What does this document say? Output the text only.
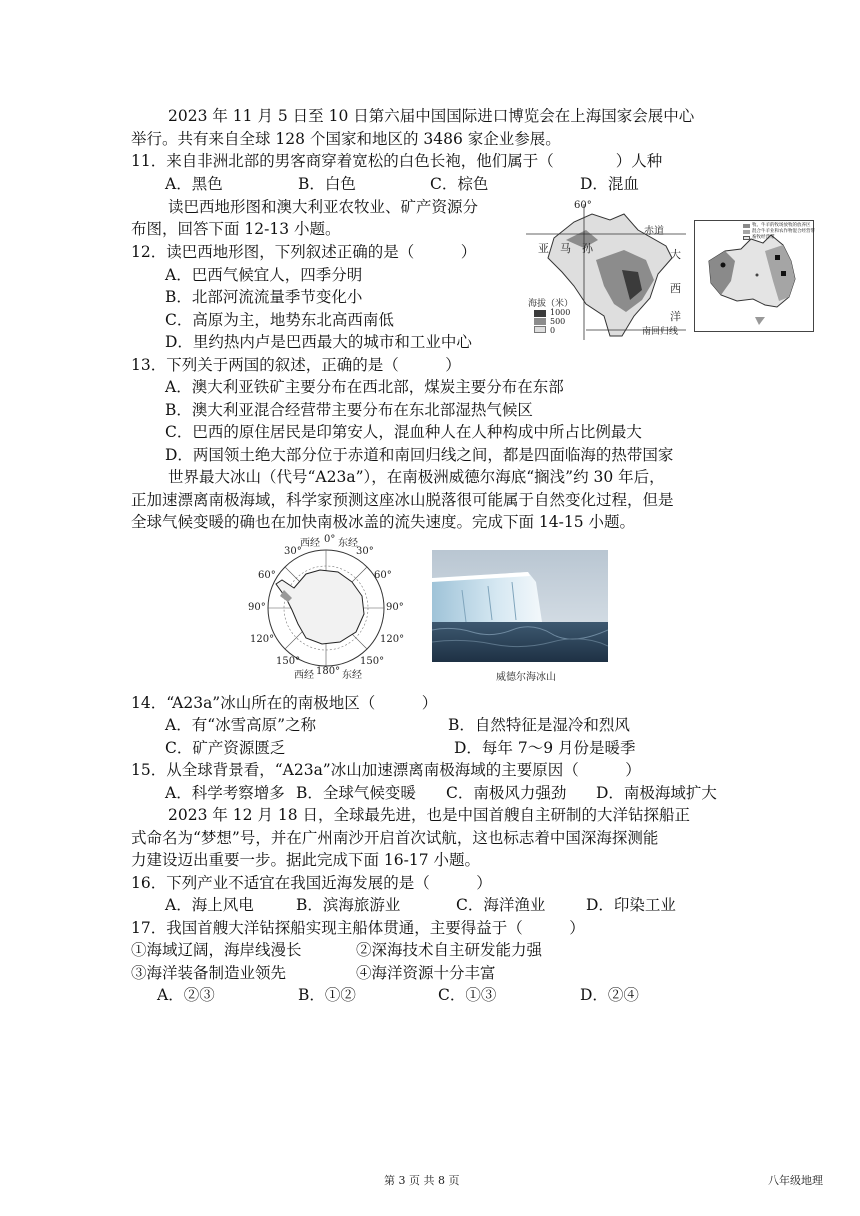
2023 年 11 月 5 日至 10 日第六届中国国际进口博览会在上海国家会展中心
举行。共有来自全球 128 个国家和地区的 3486 家企业参展。
11．来自非洲北部的男客商穿着宽松的白色长袍，他们属于（　　　　）人种
A．黑色	B．白色	C．棕色	D．混血
读巴西地形图和澳大利亚农牧业、矿产资源分
布图，回答下面 12-13 小题。
12．读巴西地形图，下列叙述正确的是（　　　）
A．巴西气候宜人，四季分明
B．北部河流流量季节变化小
C．高原为主，地势东北高西南低
D．里约热内卢是巴西最大的城市和工业中心
60°
赤道
亚　马　孙	大
西
洋
海拔（米）
1000
500
0	南回归线
牧、牛羊的牧场放牧的放养区
混合牛羊业和农作物混合经营带
畜牧经营带
13．下列关于两国的叙述，正确的是（　　　）
A．澳大利亚铁矿主要分布在西北部，煤炭主要分布在东部
B．澳大利亚混合经营带主要分布在东北部湿热气候区
C．巴西的原住居民是印第安人，混血种人在人种构成中所占比例最大
D．两国领土绝大部分位于赤道和南回归线之间，都是四面临海的热带国家
世界最大冰山（代号“A23a”），在南极洲威德尔海底“搁浅”约 30 年后，
正加速漂离南极海域，科学家预测这座冰山脱落很可能属于自然变化过程，但是
全球气候变暖的确也在加快南极冰盖的流失速度。完成下面 14-15 小题。
西经 0° 东经
30°	30°
60°	60°
90°	90°
120°	120°
150°	150°
西经 180° 东经	威德尔海冰山
14．“A23a”冰山所在的南极地区（　　　）
A．有“冰雪高原”之称	B．自然特征是湿冷和烈风
C．矿产资源匮乏	D．每年 7～9 月份是暖季
15．从全球背景看，“A23a”冰山加速漂离南极海域的主要原因（　　　）
A．科学考察增多 B．全球气候变暖 C．南极风力强劲 D．南极海域扩大
2023 年 12 月 18 日，全球最先进，也是中国首艘自主研制的大洋钻探船正
式命名为“梦想”号，并在广州南沙开启首次试航，这也标志着中国深海探测能
力建设迈出重要一步。据此完成下面 16-17 小题。
16．下列产业不适宜在我国近海发展的是（　　　）
A．海上风电	B．滨海旅游业	C．海洋渔业	D．印染工业
17．我国首艘大洋钻探船实现主船体贯通，主要得益于（　　　）
①海域辽阔，海岸线漫长	②深海技术自主研发能力强
③海洋装备制造业领先	④海洋资源十分丰富
A．②③	B．①②	C．①③	D．②④
第 3 页 共 8 页	八年级地理
